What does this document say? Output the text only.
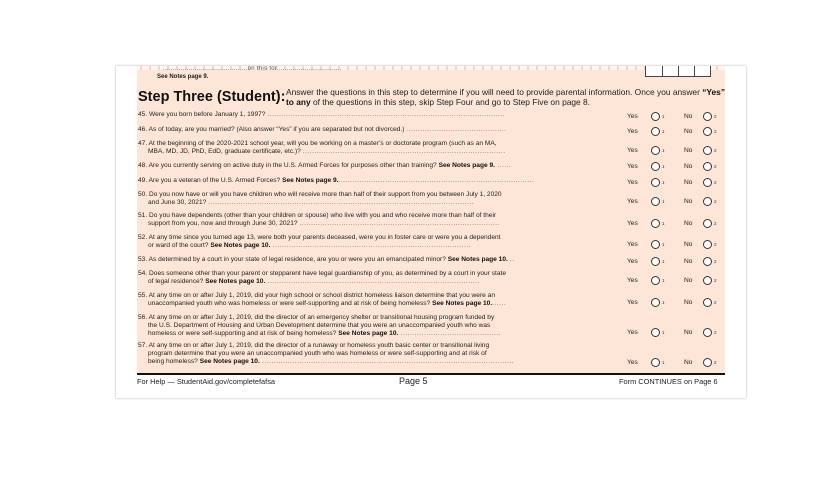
...........................................on this for.................................
See Notes page 9.
Step Three (Student): Answer the questions in this step to determine if you will need to provide parental information. Once you answer “Yes” to any of the questions in this step, skip Step Four and go to Step Five on page 8.
45. Were you born before January 1, 1997? ......................................................................................................	Yes	1	No	2
46. As of today, are you married? (Also answer “Yes” if you are separated but not divorced.) ...........................................	Yes	1	No	2
47. At the beginning of the 2020-2021 school year, will you be working on a master’s or doctorate program (such as an MA,
MBA, MD, JD, PhD, EdD, graduate certificate, etc.)? .......................................................................................	Yes	1	No	2
48. Are you currently serving on active duty in the U.S. Armed Forces for purposes other than training? See Notes page 9. ......	Yes	1	No	2
49. Are you a veteran of the U.S. Armed Forces? See Notes page 9.....................................................................................	Yes	1	No	2
50. Do you now have or will you have children who will receive more than half of their support from you between July 1, 2020
and June 30, 2021? ..................................................................................................................	Yes	1	No	2
51. Do you have dependents (other than your children or spouse) who live with you and who receive more than half of their
support from you, now and through June 30, 2021? ......................................................................................	Yes	1	No	2
52. At any time since you turned age 13, were both your parents deceased, were you in foster care or were you a dependent
or ward of the court? See Notes page 10. .....................................................................................	Yes	1	No	2
53. As determined by a court in your state of legal residence, are you or were you an emancipated minor? See Notes page 10. ..	Yes	1	No	2
54. Does someone other than your parent or stepparent have legal guardianship of you, as determined by a court in your state
of legal residence? See Notes page 10. ...........................................................................................	Yes	1	No	2
55. At any time on or after July 1, 2019, did your high school or school district homeless liaison determine that you were an
unaccompanied youth who was homeless or were self-supporting and at risk of being homeless? See Notes page 10.......	Yes	1	No	2
56. At any time on or after July 1, 2019, did the director of an emergency shelter or transitional housing program funded by
the U.S. Department of Housing and Urban Development determine that you were an unaccompanied youth who was
homeless or were self-supporting and at risk of being homeless? See Notes page 10. ...........................................	Yes	1	No	2
57. At any time on or after July 1, 2019, did the director of a runaway or homeless youth basic center or transitional living
program determine that you were an unaccompanied youth who was homeless or were self-supporting and at risk of
being homeless? See Notes page 10. ............................................................................................................	Yes	1	No	2
For Help — StudentAid.gov/completefafsa	Page 5	Form CONTINUES on Page 6
